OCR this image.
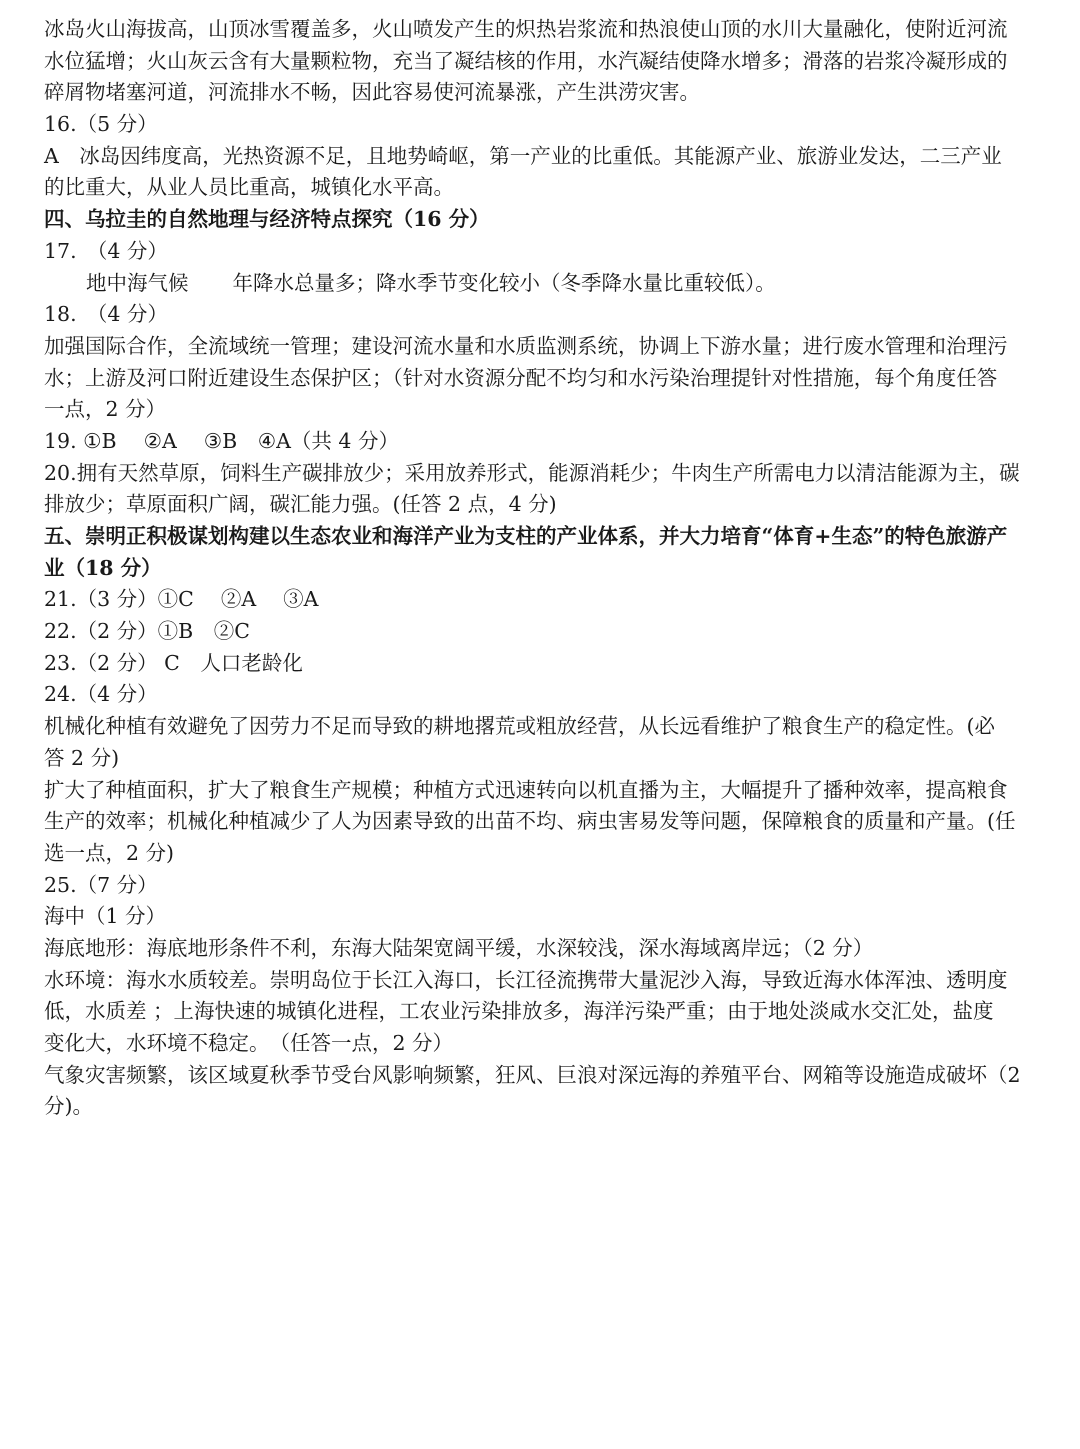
冰岛火山海拔高，山顶冰雪覆盖多，火山喷发产生的炽热岩浆流和热浪使山顶的水川大量融化，使附近河流
水位猛增；火山灰云含有大量颗粒物，充当了凝结核的作用，水汽凝结使降水增多；滑落的岩浆冷凝形成的
碎屑物堵塞河道，河流排水不畅，因此容易使河流暴涨，产生洪涝灾害。
16.（5 分）
A　冰岛因纬度高，光热资源不足，且地势崎岖，第一产业的比重低。其能源产业、旅游业发达，二三产业
的比重大，从业人员比重高，城镇化水平高。
四、乌拉圭的自然地理与经济特点探究（16 分）
17.　（4 分）
地中海气候 年降水总量多；降水季节变化较小（冬季降水量比重较低）。
18.　（4 分）
加强国际合作，全流域统一管理；建设河流水量和水质监测系统，协调上下游水量；进行废水管理和治理污
水；上游及河口附近建设生态保护区；（针对水资源分配不均匀和水污染治理提针对性措施，每个角度任答
一点，2 分）
19. ①B　 ②A　 ③B　④A（共 4 分）
20.拥有天然草原，饲料生产碳排放少；采用放养形式，能源消耗少；牛肉生产所需电力以清洁能源为主，碳
排放少；草原面积广阔，碳汇能力强。(任答 2 点，4 分)
五、崇明正积极谋划构建以生态农业和海洋产业为支柱的产业体系，并大力培育“体育+生态”的特色旅游产
业（18 分）
21.（3 分）①C　 ②A　 ③A
22.（2 分）①B　②C
23.（2 分） C　人口老龄化
24.（4 分）
机械化种植有效避免了因劳力不足而导致的耕地撂荒或粗放经营，从长远看维护了粮食生产的稳定性。(必
答 2 分)
扩大了种植面积，扩大了粮食生产规模；种植方式迅速转向以机直播为主，大幅提升了播种效率，提高粮食
生产的效率；机械化种植减少了人为因素导致的出苗不均、病虫害易发等问题，保障粮食的质量和产量。(任
选一点，2 分)
25.（7 分）
海中（1 分）
海底地形：海底地形条件不利，东海大陆架宽阔平缓，水深较浅，深水海域离岸远；（2 分）
水环境：海水水质较差。崇明岛位于长江入海口，长江径流携带大量泥沙入海，导致近海水体浑浊、透明度
低，水质差 ；上海快速的城镇化进程，工农业污染排放多，海洋污染严重；由于地处淡咸水交汇处，盐度
变化大，水环境不稳定。　（任答一点，2 分）
气象灾害频繁，该区域夏秋季节受台风影响频繁，狂风、巨浪对深远海的养殖平台、网箱等设施造成破坏（2
分)。
